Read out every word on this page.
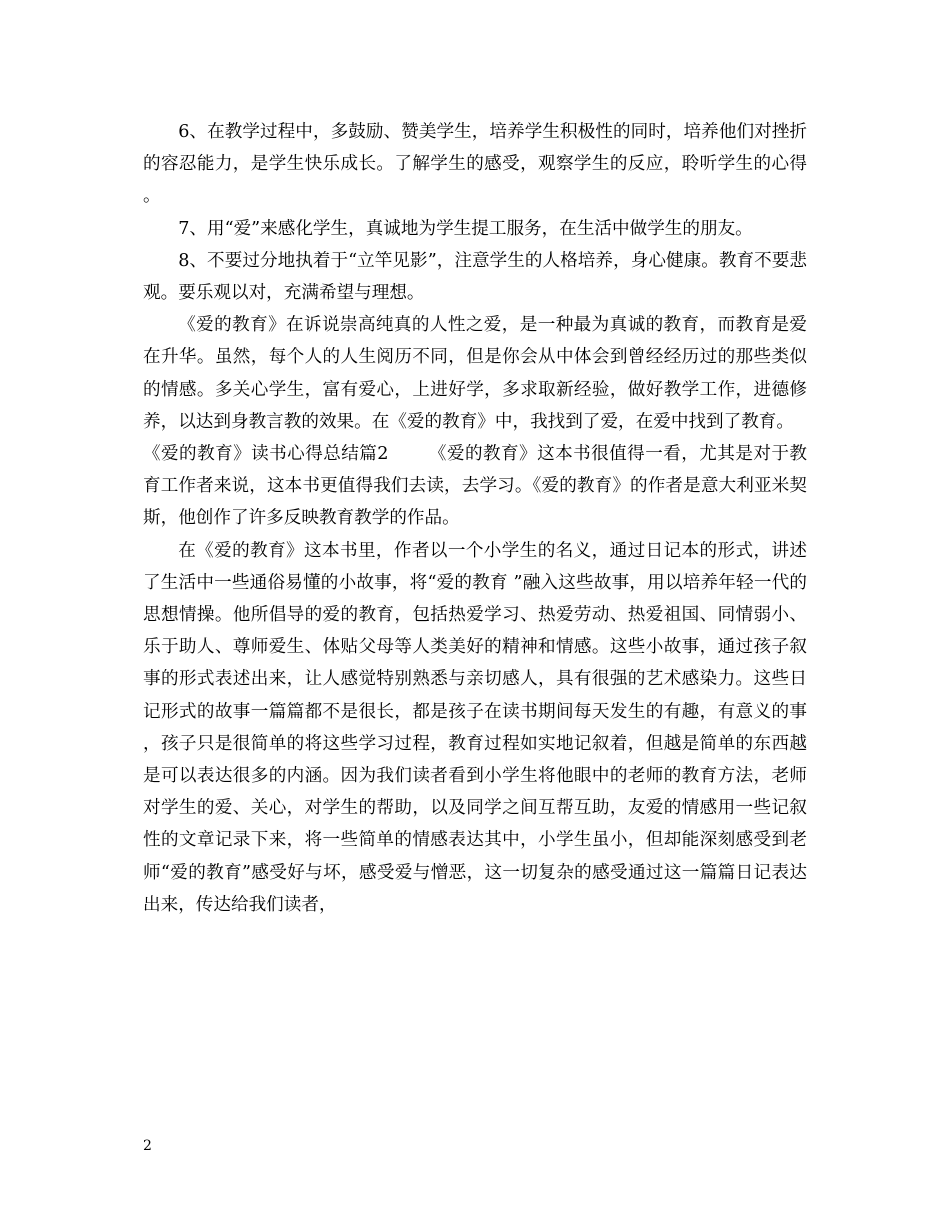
6、在教学过程中，多鼓励、赞美学生，培养学生积极性的同时，培养他们对挫折的容忍能力，是学生快乐成长。了解学生的感受，观察学生的反应，聆听学生的心得。

7、用“爱”来感化学生，真诚地为学生提工服务，在生活中做学生的朋友。

8、不要过分地执着于“立竿见影”，注意学生的人格培养，身心健康。教育不要悲观。要乐观以对，充满希望与理想。

《爱的教育》在诉说崇高纯真的人性之爱，是一种最为真诚的教育，而教育是爱在升华。虽然，每个人的人生阅历不同，但是你会从中体会到曾经经历过的那些类似的情感。多关心学生，富有爱心，上进好学，多求取新经验，做好教学工作，进德修养，以达到身教言教的效果。在《爱的教育》中，我找到了爱，在爱中找到了教育。

《爱的教育》读书心得总结篇2 《爱的教育》这本书很值得一看，尤其是对于教育工作者来说，这本书更值得我们去读，去学习。《爱的教育》的作者是意大利亚米契斯，他创作了许多反映教育教学的作品。

在《爱的教育》这本书里，作者以一个小学生的名义，通过日记本的形式，讲述了生活中一些通俗易懂的小故事，将“爱的教育 ”融入这些故事，用以培养年轻一代的思想情操。他所倡导的爱的教育，包括热爱学习、热爱劳动、热爱祖国、同情弱小、乐于助人、尊师爱生、体贴父母等人类美好的精神和情感。这些小故事，通过孩子叙事的形式表述出来，让人感觉特别熟悉与亲切感人，具有很强的艺术感染力。这些日记形式的故事一篇篇都不是很长，都是孩子在读书期间每天发生的有趣，有意义的事，孩子只是很简单的将这些学习过程，教育过程如实地记叙着，但越是简单的东西越是可以表达很多的内涵。因为我们读者看到小学生将他眼中的老师的教育方法，老师对学生的爱、关心，对学生的帮助，以及同学之间互帮互助，友爱的情感用一些记叙性的文章记录下来，将一些简单的情感表达其中，小学生虽小，但却能深刻感受到老师“爱的教育”感受好与坏，感受爱与憎恶，这一切复杂的感受通过这一篇篇日记表达出来，传达给我们读者，

2
